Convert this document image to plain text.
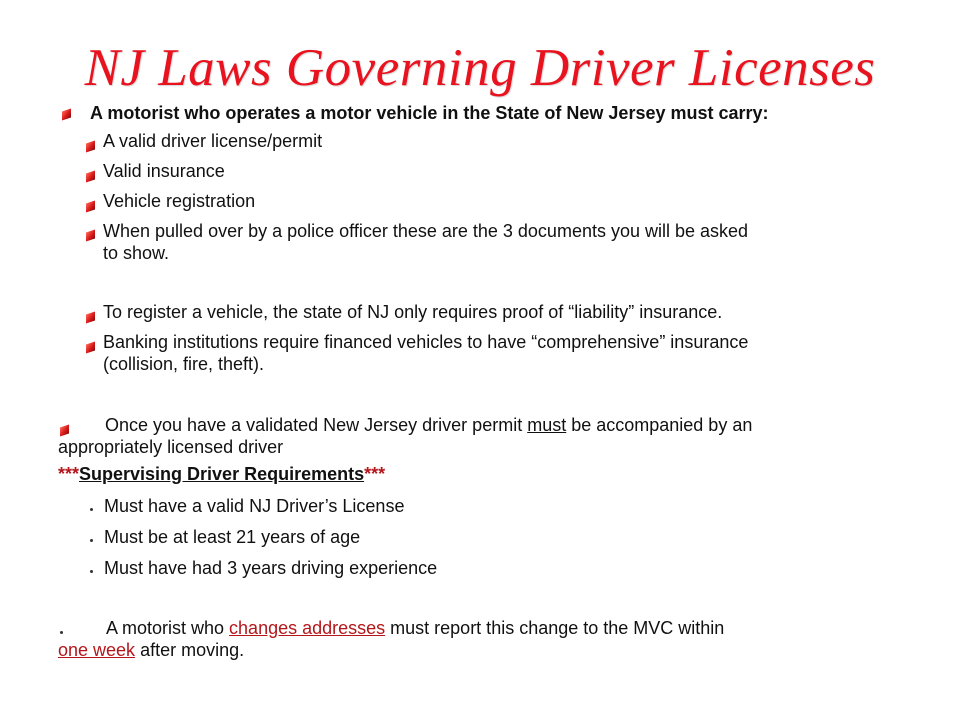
NJ Laws Governing Driver Licenses
A motorist who operates a motor vehicle in the State of New Jersey must carry:
A valid driver license/permit
Valid insurance
Vehicle registration
When pulled over by a police officer these are the 3 documents you will be asked
to show.
To register a vehicle, the state of NJ only requires proof of “liability” insurance.
Banking institutions require financed vehicles to have “comprehensive” insurance
(collision, fire, theft).
Once you have a validated New Jersey driver permit must be accompanied by an
appropriately licensed driver
***Supervising Driver Requirements***
Must have a valid NJ Driver’s License
Must be at least 21 years of age
Must have had 3 years driving experience
A motorist who changes addresses must report this change to the MVC within
one week after moving.
